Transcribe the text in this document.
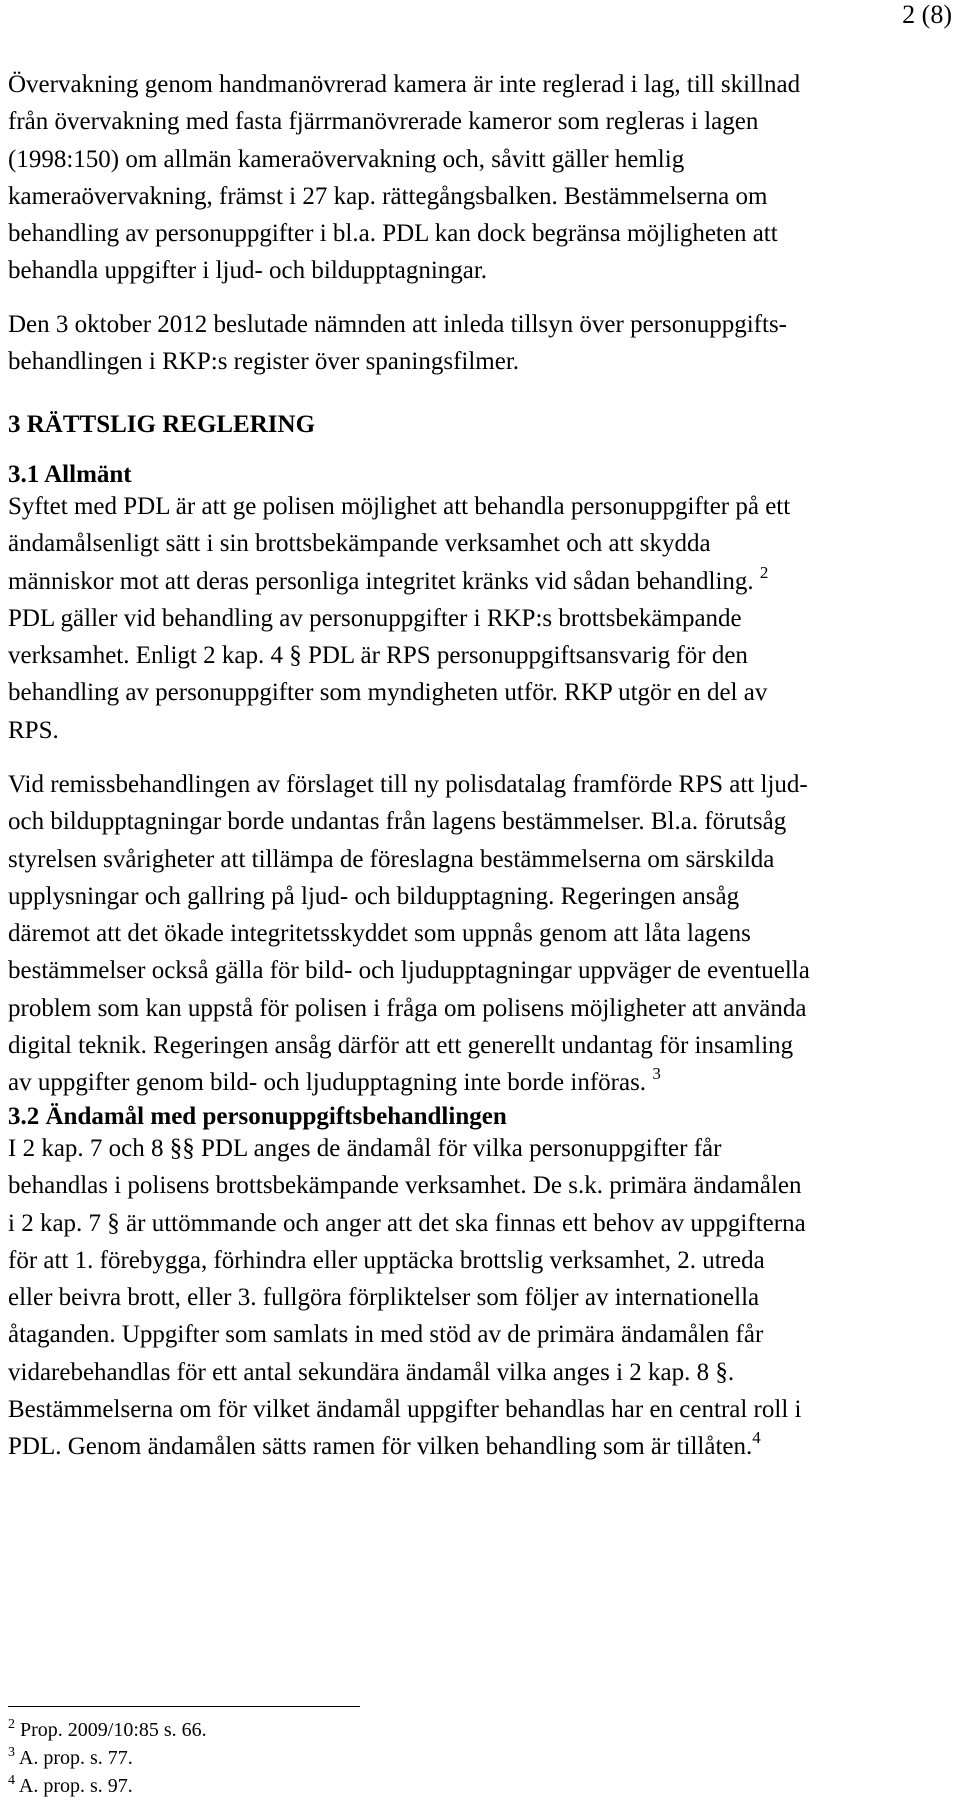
2 (8)

Övervakning genom handmanövrerad kamera är inte reglerad i lag, till skillnad
från övervakning med fasta fjärrmanövrerade kameror som regleras i lagen
(1998:150) om allmän kameraövervakning och, såvitt gäller hemlig
kameraövervakning, främst i 27 kap. rättegångsbalken. Bestämmelserna om
behandling av personuppgifter i bl.a. PDL kan dock begränsa möjligheten att
behandla uppgifter i ljud- och bildupptagningar.

Den 3 oktober 2012 beslutade nämnden att inleda tillsyn över personuppgifts-
behandlingen i RKP:s register över spaningsfilmer.

3 RÄTTSLIG REGLERING
3.1 Allmänt

Syftet med PDL är att ge polisen möjlighet att behandla personuppgifter på ett
ändamålsenligt sätt i sin brottsbekämpande verksamhet och att skydda
människor mot att deras personliga integritet kränks vid sådan behandling. $^2$
PDL gäller vid behandling av personuppgifter i RKP:s brottsbekämpande
verksamhet. Enligt 2 kap. 4 § PDL är RPS personuppgiftsansvarig för den
behandling av personuppgifter som myndigheten utför. RKP utgör en del av
RPS.

Vid remissbehandlingen av förslaget till ny polisdatalag framförde RPS att ljud-
och bildupptagningar borde undantas från lagens bestämmelser. Bl.a. förutsåg
styrelsen svårigheter att tillämpa de föreslagna bestämmelserna om särskilda
upplysningar och gallring på ljud- och bildupptagning. Regeringen ansåg
däremot att det ökade integritetsskyddet som uppnås genom att låta lagens
bestämmelser också gälla för bild- och ljudupptagningar uppväger de eventuella
problem som kan uppstå för polisen i fråga om polisens möjligheter att använda
digital teknik. Regeringen ansåg därför att ett generellt undantag för insamling
av uppgifter genom bild- och ljudupptagning inte borde införas. $^3$

3.2 Ändamål med personuppgiftsbehandlingen

I 2 kap. 7 och 8 §§ PDL anges de ändamål för vilka personuppgifter får
behandlas i polisens brottsbekämpande verksamhet. De s.k. primära ändamålen
i 2 kap. 7 § är uttömmande och anger att det ska finnas ett behov av uppgifterna
för att 1. förebygga, förhindra eller upptäcka brottslig verksamhet, 2. utreda
eller beivra brott, eller 3. fullgöra förpliktelser som följer av internationella
åtaganden. Uppgifter som samlats in med stöd av de primära ändamålen får
vidarebehandlas för ett antal sekundära ändamål vilka anges i 2 kap. 8 §.
Bestämmelserna om för vilket ändamål uppgifter behandlas har en central roll i
PDL. Genom ändamålen sätts ramen för vilken behandling som är tillåten.$^4$

$^2$ Prop. 2009/10:85 s. 66.
$^3$ A. prop. s. 77.
$^4$ A. prop. s. 97.
